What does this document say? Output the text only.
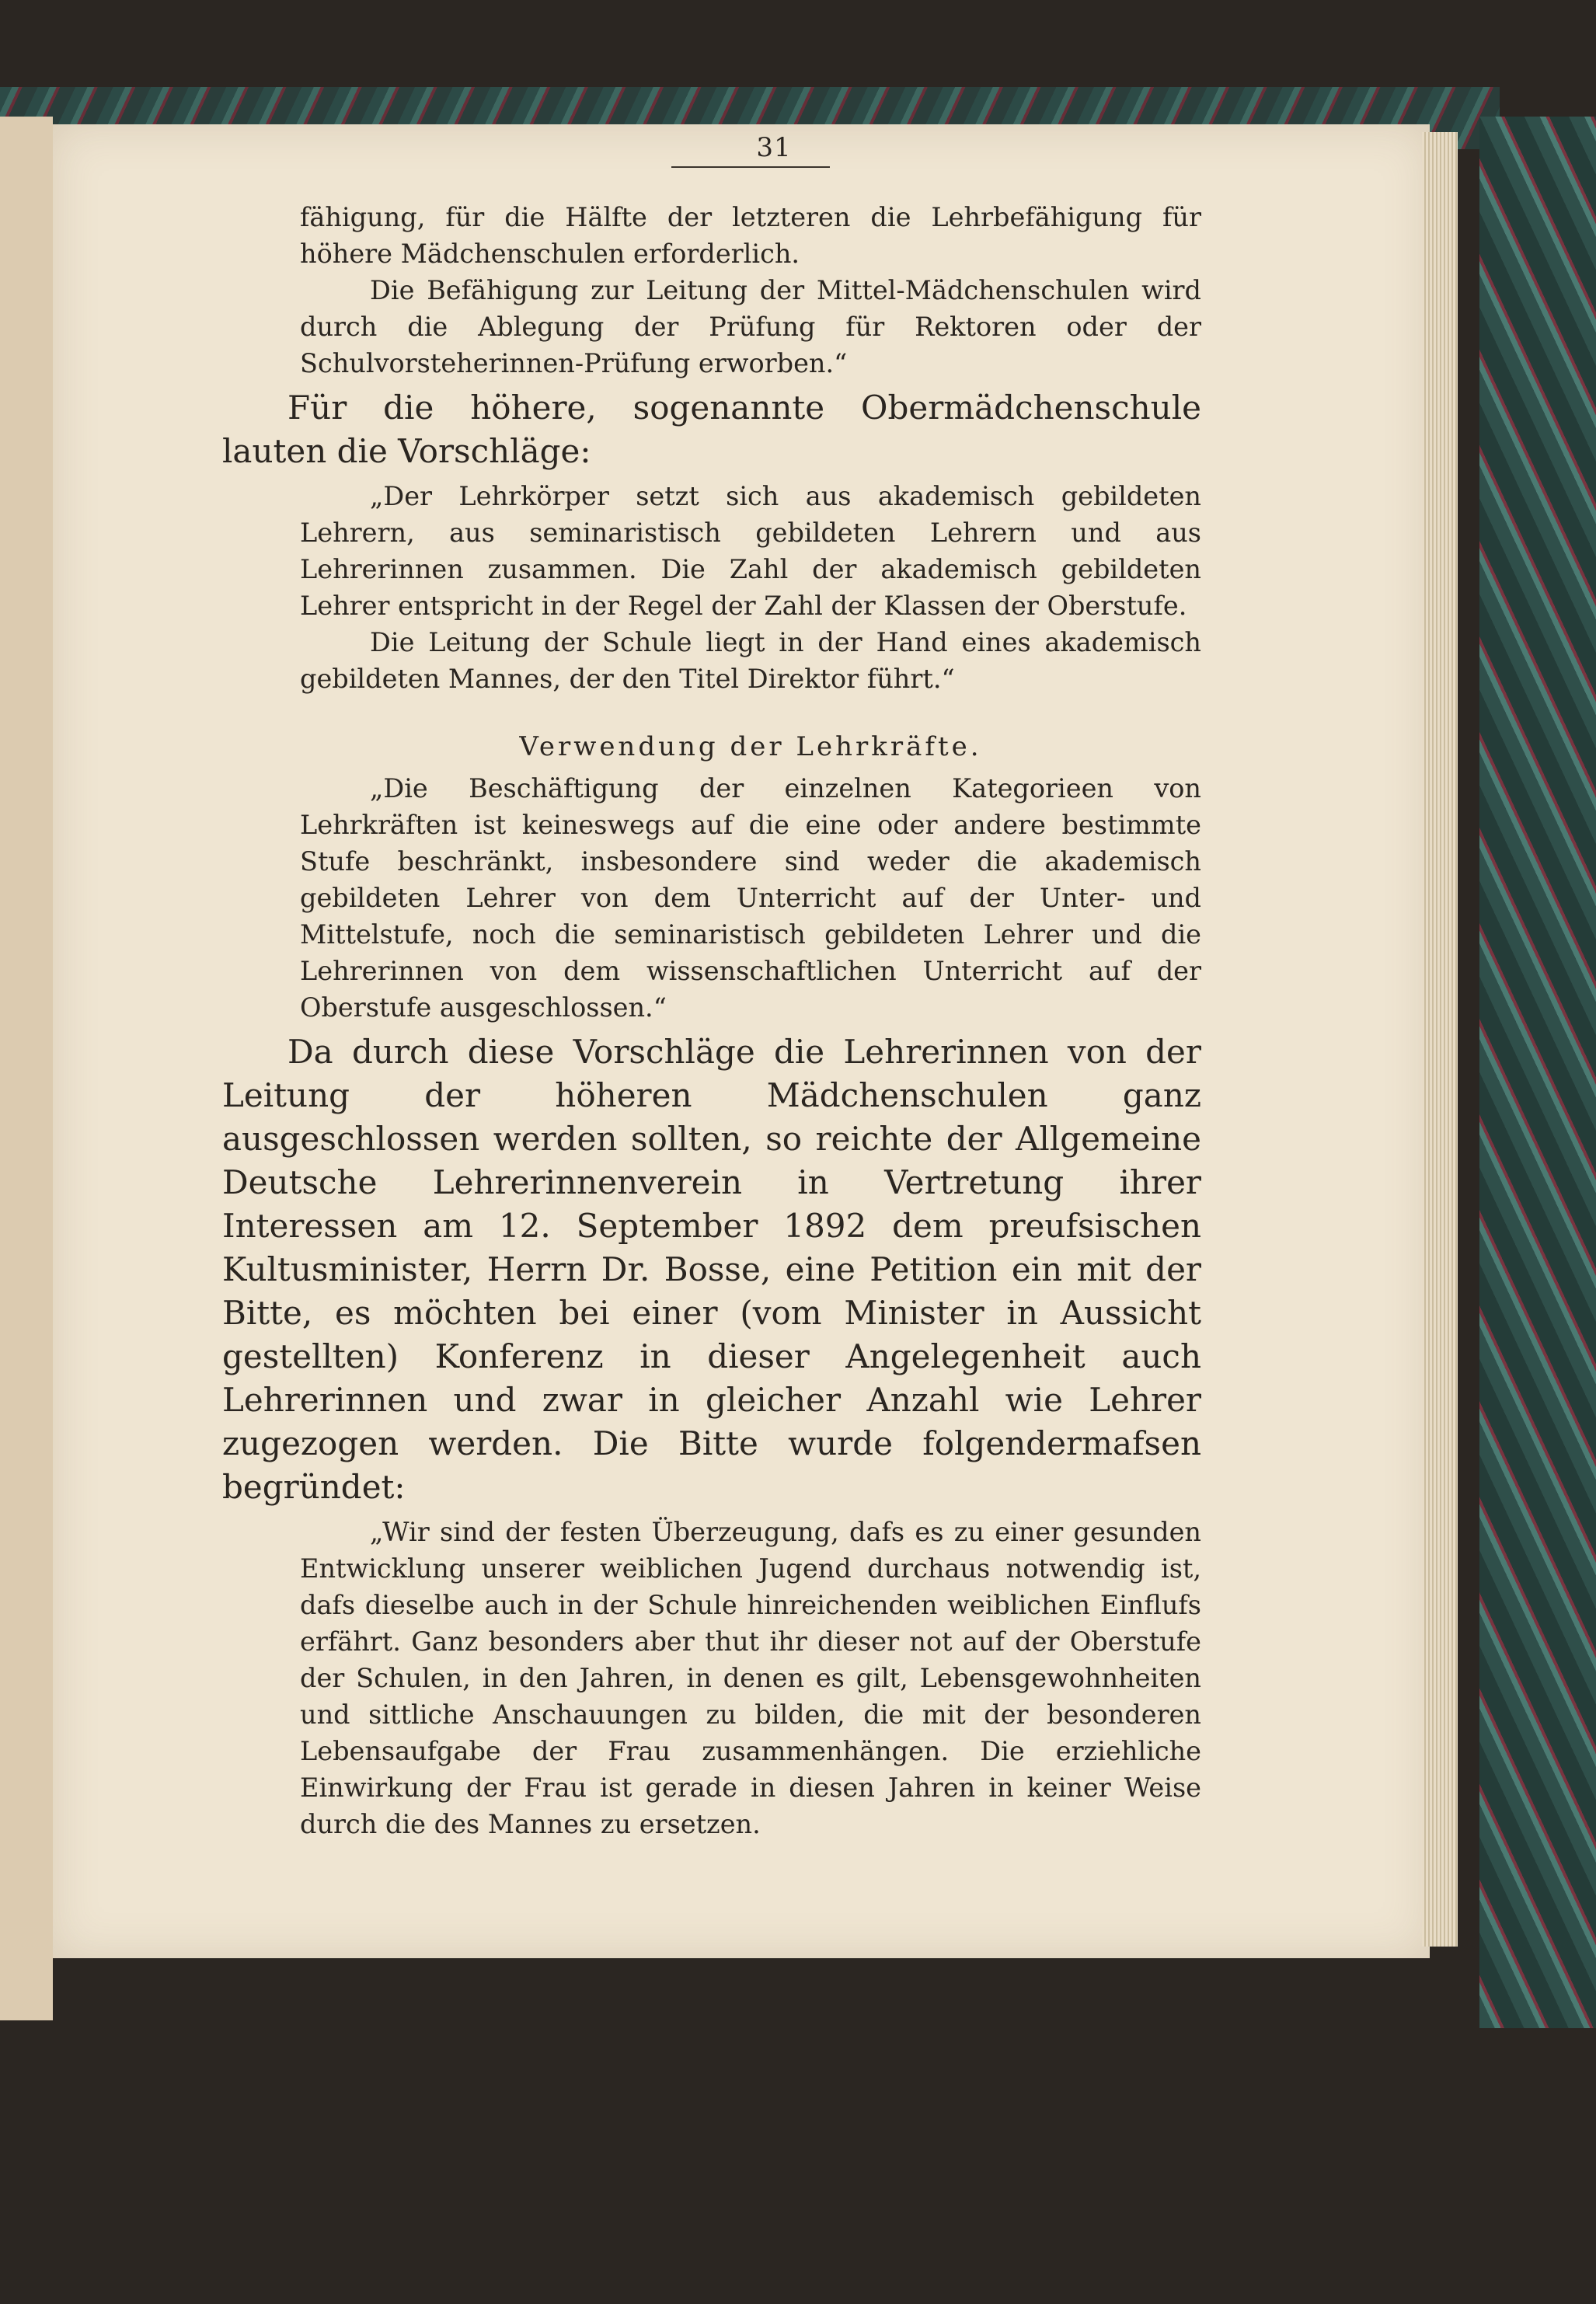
31

fähigung, für die Hälfte der letzteren die Lehrbefähigung für höhere Mädchenschulen erforderlich.

Die Befähigung zur Leitung der Mittel-Mädchenschulen wird durch die Ablegung der Prüfung für Rektoren oder der Schulvorsteherinnen-Prüfung erworben.“

Für die höhere, sogenannte Obermädchenschule lauten die Vorschläge:

„Der Lehrkörper setzt sich aus akademisch gebildeten Lehrern, aus seminaristisch gebildeten Lehrern und aus Lehrerinnen zusammen. Die Zahl der akademisch gebildeten Lehrer entspricht in der Regel der Zahl der Klassen der Oberstufe.

Die Leitung der Schule liegt in der Hand eines akademisch gebildeten Mannes, der den Titel Direktor führt.“

Verwendung der Lehrkräfte.

„Die Beschäftigung der einzelnen Kategorieen von Lehrkräften ist keineswegs auf die eine oder andere bestimmte Stufe beschränkt, insbesondere sind weder die akademisch gebildeten Lehrer von dem Unterricht auf der Unter- und Mittelstufe, noch die seminaristisch gebildeten Lehrer und die Lehrerinnen von dem wissenschaftlichen Unterricht auf der Oberstufe ausgeschlossen.“

Da durch diese Vorschläge die Lehrerinnen von der Leitung der höheren Mädchenschulen ganz ausgeschlossen werden sollten, so reichte der Allgemeine Deutsche Lehrerinnenverein in Vertretung ihrer Interessen am 12. September 1892 dem preufsischen Kultusminister, Herrn Dr. Bosse, eine Petition ein mit der Bitte, es möchten bei einer (vom Minister in Aussicht gestellten) Konferenz in dieser Angelegenheit auch Lehrerinnen und zwar in gleicher Anzahl wie Lehrer zugezogen werden. Die Bitte wurde folgendermafsen begründet:

„Wir sind der festen Überzeugung, dafs es zu einer gesunden Entwicklung unserer weiblichen Jugend durchaus notwendig ist, dafs dieselbe auch in der Schule hinreichenden weiblichen Einflufs erfährt. Ganz besonders aber thut ihr dieser not auf der Oberstufe der Schulen, in den Jahren, in denen es gilt, Lebensgewohnheiten und sittliche Anschauungen zu bilden, die mit der besonderen Lebensaufgabe der Frau zusammenhängen. Die erziehliche Einwirkung der Frau ist gerade in diesen Jahren in keiner Weise durch die des Mannes zu ersetzen.
